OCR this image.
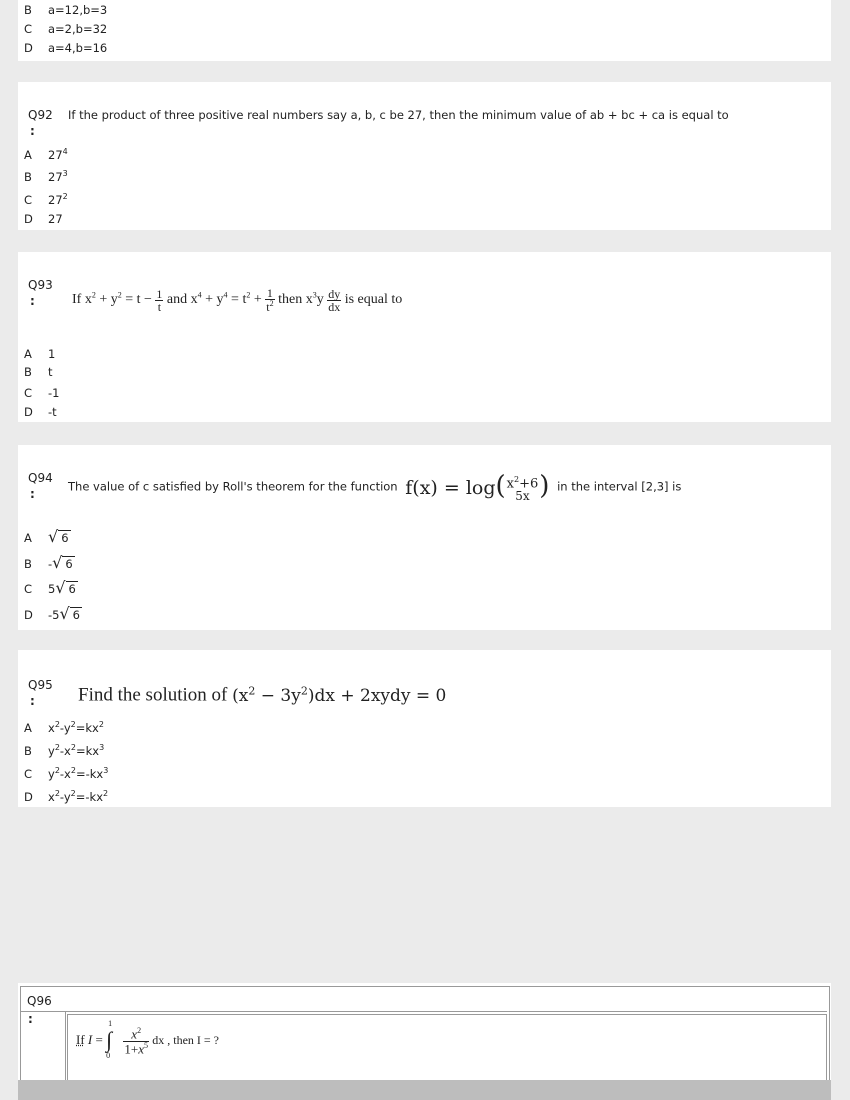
B a=12,b=3
C a=2,b=32
D a=4,b=16
Q92
:
If the product of three positive real numbers say a, b, c be 27, then the minimum value of ab + bc + ca is equal to
A $27^4$
B $27^3$
C $27^2$
D 27
Q93
:	If $x^2 + y^2 = t - \frac{1}{t}$ and $x^4 + y^4 = t^2 + \frac{1}{t^2}$ then $x^3y \frac{dy}{dx}$ is equal to
A 1
B t
C -1
D -t
Q94
:
The value of c satisfied by Roll's theorem for the function f(x) = log( $x^2+6$
5x ) in the interval [2,3] is
A √ 6
B -√ 6
C 5√ 6
D -5√ 6
Q95
: Find the solution of $(x^2 - 3y^2)dx$ + 2xydy = 0
A $x^2-y^2=kx^2$
B $y^2-x^2=kx^3$
C $y^2-x^2=-kx^3$
D $x^2-y^2=-kx^2$
Q96
:
If I =
1
∫
0

$\frac{x^2}{1+x^5}$ dx , then I = ?
